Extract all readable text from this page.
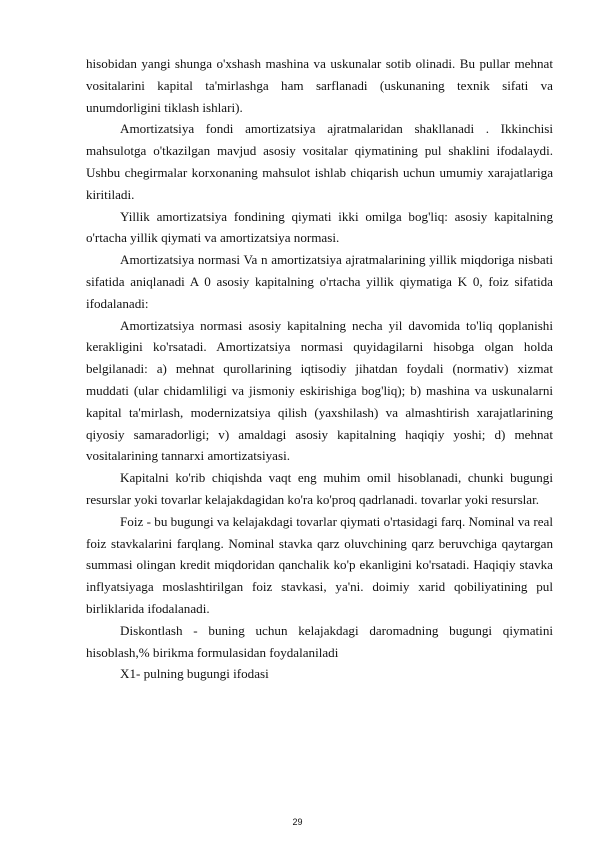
hisobidan yangi shunga o'xshash mashina va uskunalar sotib olinadi. Bu pullar mehnat vositalarini kapital ta'mirlashga ham sarflanadi (uskunaning texnik sifati va unumdorligini tiklash ishlari).

Amortizatsiya fondi amortizatsiya ajratmalaridan shakllanadi . Ikkinchisi mahsulotga o'tkazilgan mavjud asosiy vositalar qiymatining pul shaklini ifodalaydi. Ushbu chegirmalar korxonaning mahsulot ishlab chiqarish uchun umumiy xarajatlariga kiritiladi.

Yillik amortizatsiya fondining qiymati ikki omilga bog'liq: asosiy kapitalning o'rtacha yillik qiymati va amortizatsiya normasi.

Amortizatsiya normasi Va n amortizatsiya ajratmalarining yillik miqdoriga nisbati sifatida aniqlanadi A 0 asosiy kapitalning o'rtacha yillik qiymatiga K 0, foiz sifatida ifodalanadi:

Amortizatsiya normasi asosiy kapitalning necha yil davomida to'liq qoplanishi kerakligini ko'rsatadi. Amortizatsiya normasi quyidagilarni hisobga olgan holda belgilanadi: a) mehnat qurollarining iqtisodiy jihatdan foydali (normativ) xizmat muddati (ular chidamliligi va jismoniy eskirishiga bog'liq); b) mashina va uskunalarni kapital ta'mirlash, modernizatsiya qilish (yaxshilash) va almashtirish xarajatlarining qiyosiy samaradorligi; v) amaldagi asosiy kapitalning haqiqiy yoshi; d) mehnat vositalarining tannarxi amortizatsiyasi.

Kapitalni ko'rib chiqishda vaqt eng muhim omil hisoblanadi, chunki bugungi resurslar yoki tovarlar kelajakdagidan ko'ra ko'proq qadrlanadi. tovarlar yoki resurslar.

Foiz - bu bugungi va kelajakdagi tovarlar qiymati o'rtasidagi farq. Nominal va real foiz stavkalarini farqlang. Nominal stavka qarz oluvchining qarz beruvchiga qaytargan summasi olingan kredit miqdoridan qanchalik ko'p ekanligini ko'rsatadi. Haqiqiy stavka inflyatsiyaga moslashtirilgan foiz stavkasi, ya'ni. doimiy xarid qobiliyatining pul birliklarida ifodalanadi.

Diskontlash - buning uchun kelajakdagi daromadning bugungi qiymatini hisoblash,% birikma formulasidan foydalaniladi

X1- pulning bugungi ifodasi

29
